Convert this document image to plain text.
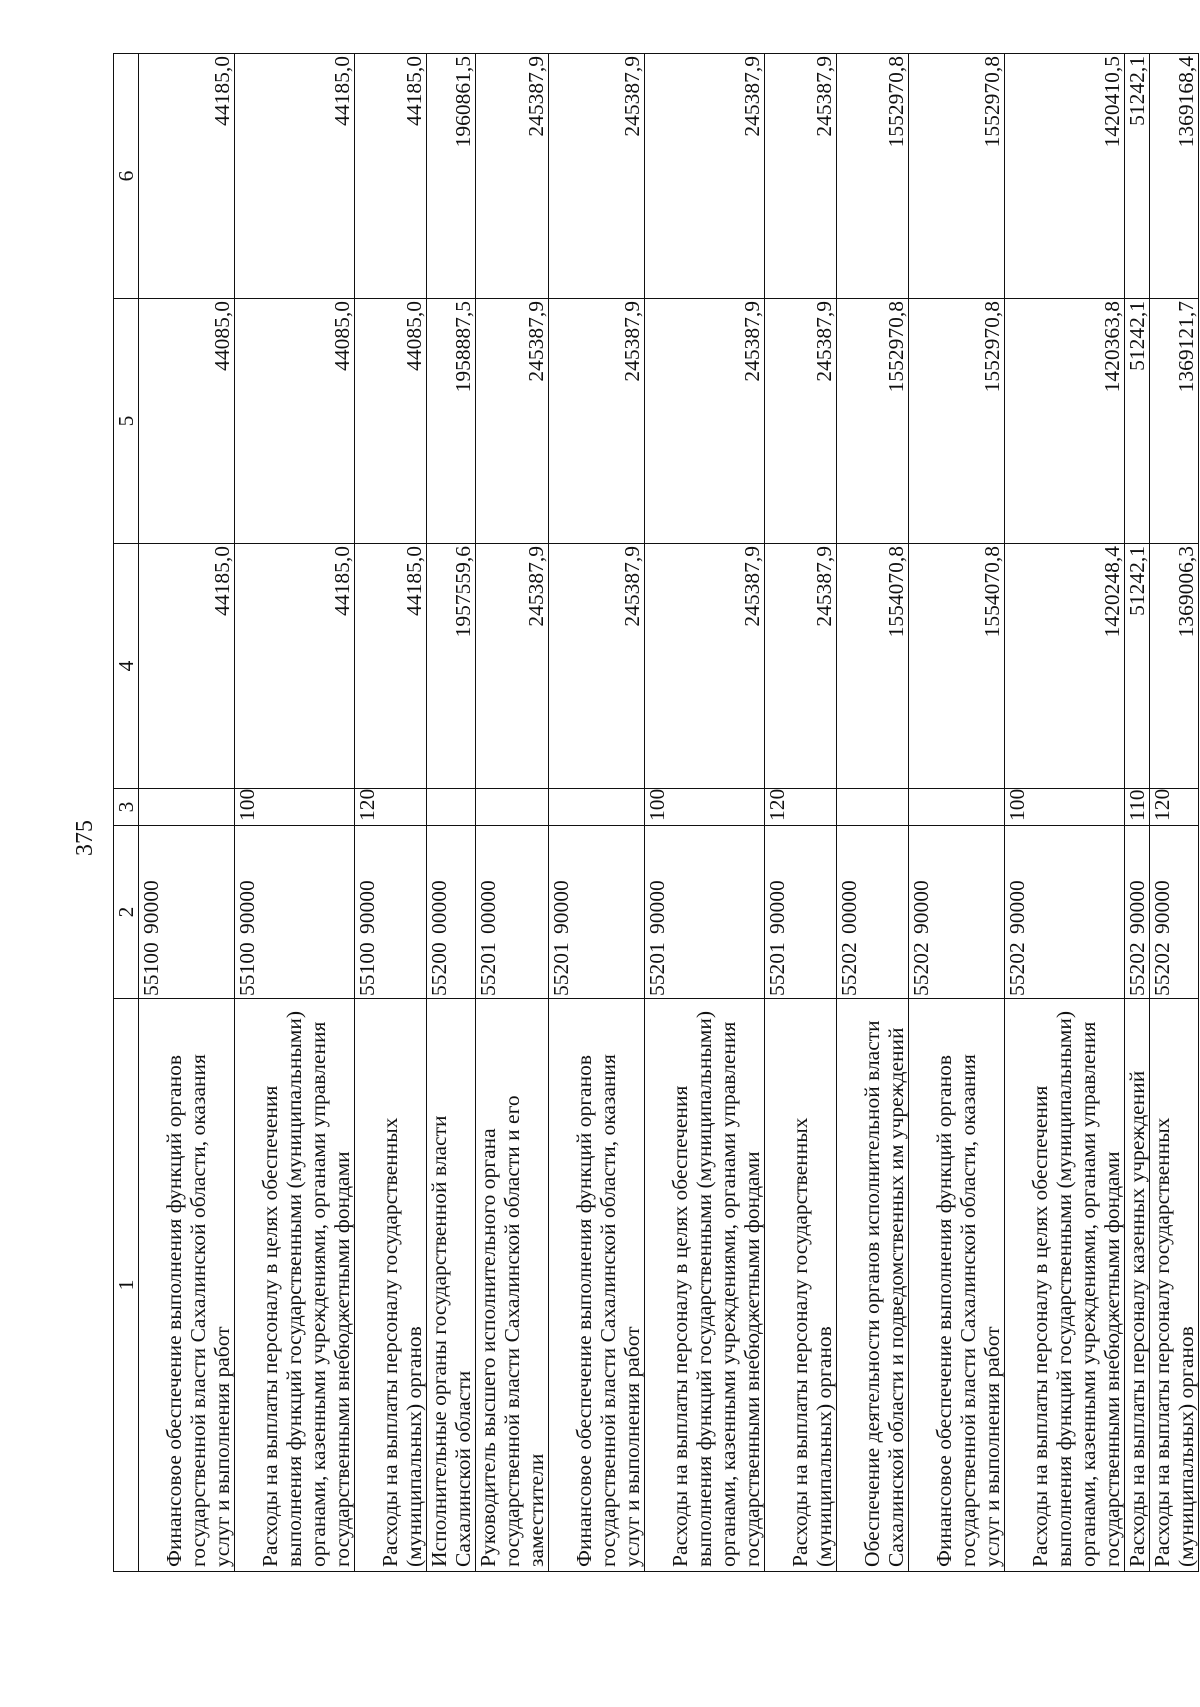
375
1	2	3	4	5	6
Финансовое обеспечение выполнения функций органов государственной власти Сахалинской области, оказания услуг и выполнения работ	5510090000		44185,0	44085,0	44185,0
Расходы на выплаты персоналу в целях обеспечения выполнения функций государственными (муниципальными) органами, казенными учреждениями, органами управления государственными внебюджетными фондами	5510090000	100	44185,0	44085,0	44185,0
Расходы на выплаты персоналу государственных (муниципальных) органов	5510090000	120	44185,0	44085,0	44185,0
Исполнительные органы государственной власти Сахалинской области	5520000000		1957559,6	1958887,5	1960861,5
Руководитель высшего исполнительного органа государственной власти Сахалинской области и его заместители	5520100000		245387,9	245387,9	245387,9
Финансовое обеспечение выполнения функций органов государственной власти Сахалинской области, оказания услуг и выполнения работ	5520190000		245387,9	245387,9	245387,9
Расходы на выплаты персоналу в целях обеспечения выполнения функций государственными (муниципальными) органами, казенными учреждениями, органами управления государственными внебюджетными фондами	5520190000	100	245387,9	245387,9	245387,9
Расходы на выплаты персоналу государственных (муниципальных) органов	5520190000	120	245387,9	245387,9	245387,9
Обеспечение деятельности органов исполнительной власти Сахалинской области и подведомственных им учреждений	5520200000		1554070,8	1552970,8	1552970,8
Финансовое обеспечение выполнения функций органов государственной власти Сахалинской области, оказания услуг и выполнения работ	5520290000		1554070,8	1552970,8	1552970,8
Расходы на выплаты персоналу в целях обеспечения выполнения функций государственными (муниципальными) органами, казенными учреждениями, органами управления государственными внебюджетными фондами	5520290000	100	1420248,4	1420363,8	1420410,5
Расходы на выплаты персоналу казенных учреждений	5520290000	110	51242,1	51242,1	51242,1
Расходы на выплаты персоналу государственных (муниципальных) органов	5520290000	120	1369006,3	1369121,7	1369168,4
